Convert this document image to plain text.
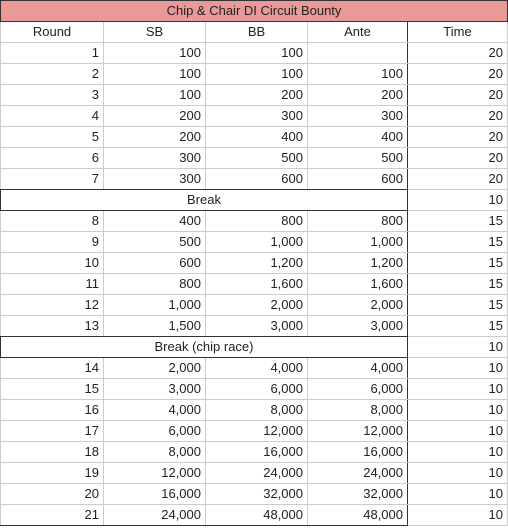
Chip & Chair DI Circuit Bounty				
Round	SB	BB	Ante	Time
1	100	100		20
2	100	100	100	20
3	100	200	200	20
4	200	300	300	20
5	200	400	400	20
6	300	500	500	20
7	300	600	600	20
Break				10
8	400	800	800	15
9	500	1,000	1,000	15
10	600	1,200	1,200	15
11	800	1,600	1,600	15
12	1,000	2,000	2,000	15
13	1,500	3,000	3,000	15
Break (chip race)				10
14	2,000	4,000	4,000	10
15	3,000	6,000	6,000	10
16	4,000	8,000	8,000	10
17	6,000	12,000	12,000	10
18	8,000	16,000	16,000	10
19	12,000	24,000	24,000	10
20	16,000	32,000	32,000	10
21	24,000	48,000	48,000	10
